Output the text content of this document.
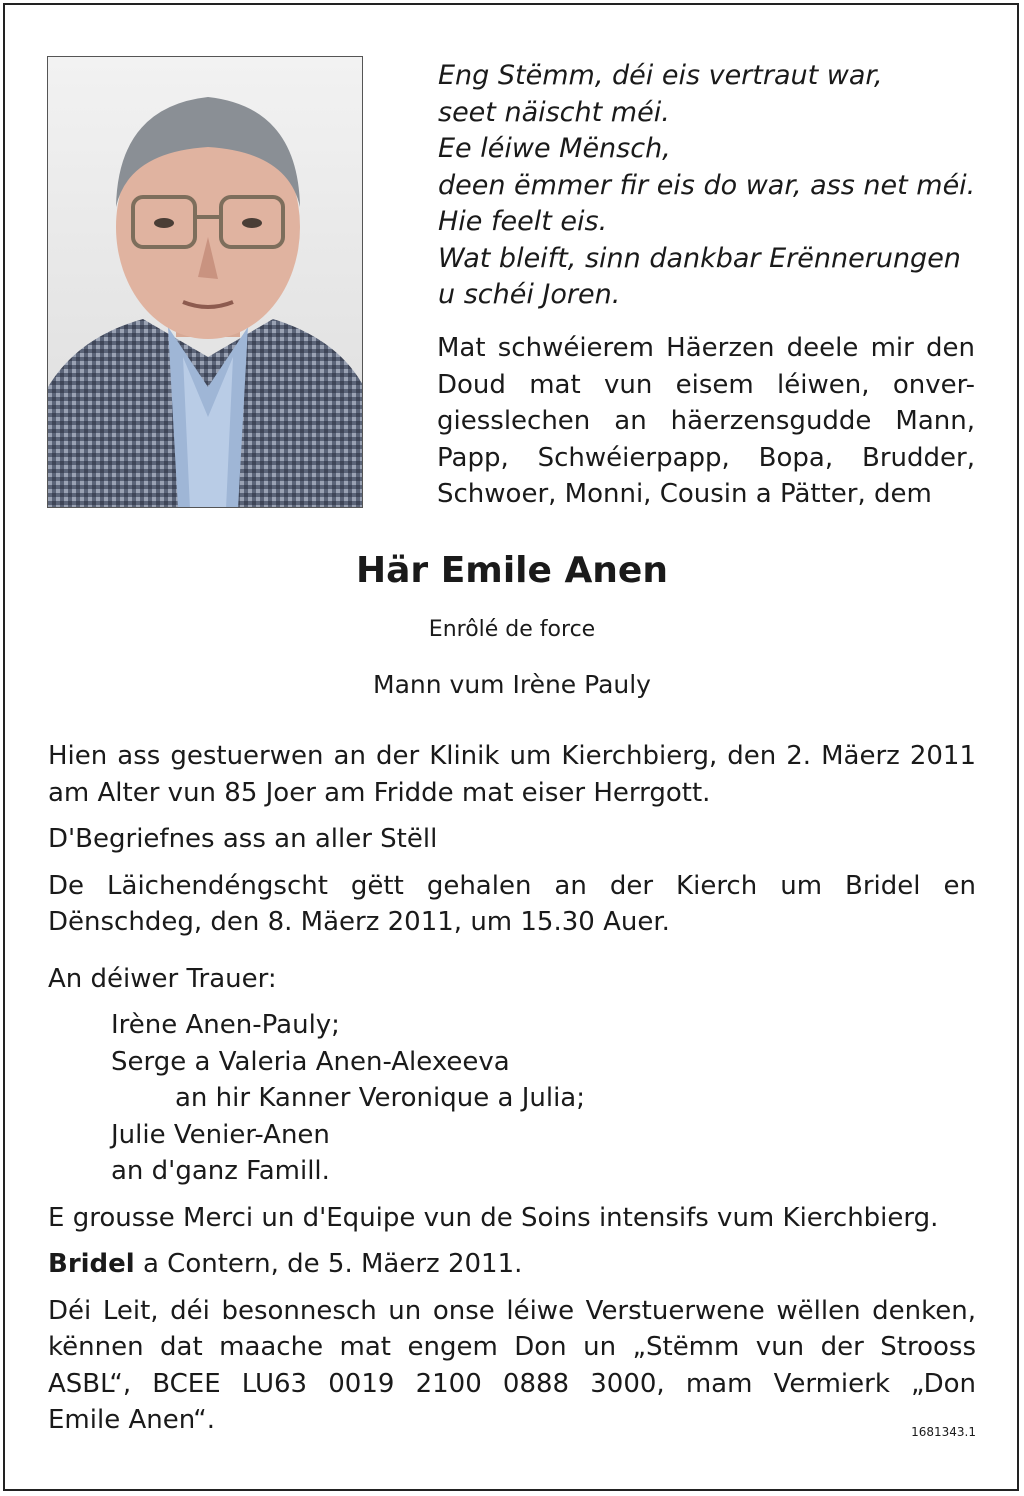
Eng Stëmm, déi eis vertraut war,
seet näischt méi.
Ee léiwe Mënsch,
deen ëmmer fir eis do war, ass net méi.
Hie feelt eis.
Wat bleift, sinn dankbar Erënnerungen
u schéi Joren.
Mat schwéierem Häerzen deele mir den
Doud mat vun eisem léiwen, onver-
giesslechen an häerzensgudde Mann,
Papp, Schwéierpapp, Bopa, Brudder,
Schwoer, Monni, Cousin a Pätter, dem
Här Emile Anen
Enrôlé de force
Mann vum Irène Pauly
Hien ass gestuerwen an der Klinik um Kierchbierg, den 2. Mäerz 2011
am Alter vun 85 Joer am Fridde mat eiser Herrgott.
D'Begriefnes ass an aller Stëll
De Läichendéngscht gëtt gehalen an der Kierch um Bridel en
Dënschdeg, den 8. Mäerz 2011, um 15.30 Auer.
An déiwer Trauer:
Irène Anen-Pauly;
Serge a Valeria Anen-Alexeeva
an hir Kanner Veronique a Julia;
Julie Venier-Anen
an d'ganz Famill.
E grousse Merci un d'Equipe vun de Soins intensifs vum Kierchbierg.
Bridel a Contern, de 5. Mäerz 2011.
Déi Leit, déi besonnesch un onse léiwe Verstuerwene wëllen denken,
kënnen dat maache mat engem Don un „Stëmm vun der Strooss
ASBL“, BCEE LU63 0019 2100 0888 3000, mam Vermierk „Don
Emile Anen“.	1681343.1
